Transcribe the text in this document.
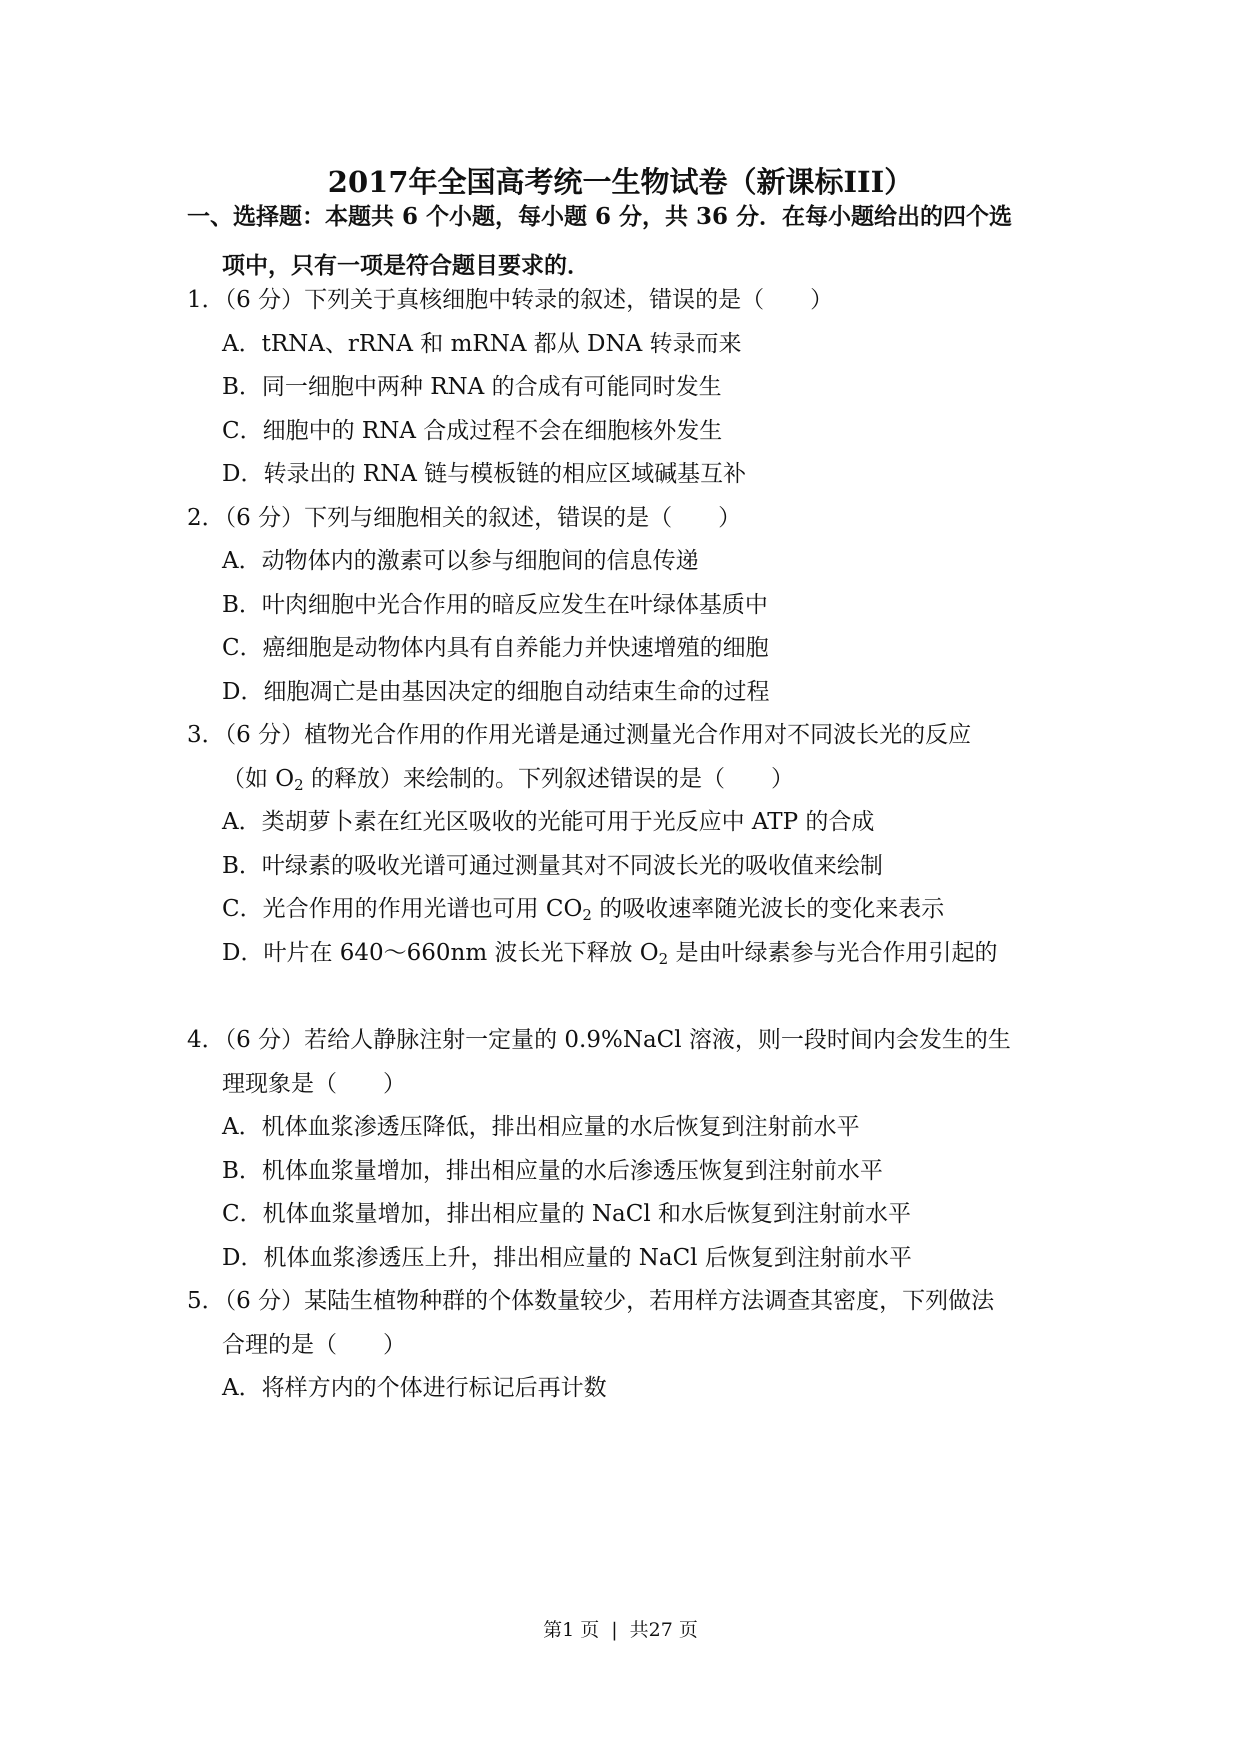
2017年全国高考统一生物试卷（新课标III）
一、选择题：本题共 6 个小题，每小题 6 分，共 36 分．在每小题给出的四个选
项中，只有一项是符合题目要求的．
1．（6 分）下列关于真核细胞中转录的叙述，错误的是（　　）
A．tRNA、rRNA 和 mRNA 都从 DNA 转录而来
B．同一细胞中两种 RNA 的合成有可能同时发生
C．细胞中的 RNA 合成过程不会在细胞核外发生
D．转录出的 RNA 链与模板链的相应区域碱基互补
2．（6 分）下列与细胞相关的叙述，错误的是（　　）
A．动物体内的激素可以参与细胞间的信息传递
B．叶肉细胞中光合作用的暗反应发生在叶绿体基质中
C．癌细胞是动物体内具有自养能力并快速增殖的细胞
D．细胞凋亡是由基因决定的细胞自动结束生命的过程
3．（6 分）植物光合作用的作用光谱是通过测量光合作用对不同波长光的反应
（如 $O_2$ 的释放）来绘制的。下列叙述错误的是（　　）
A．类胡萝卜素在红光区吸收的光能可用于光反应中 ATP 的合成
B．叶绿素的吸收光谱可通过测量其对不同波长光的吸收值来绘制
C．光合作用的作用光谱也可用 $CO_2$ 的吸收速率随光波长的变化来表示
D．叶片在 640～660nm 波长光下释放 $O_2$ 是由叶绿素参与光合作用引起的
4．（6 分）若给人静脉注射一定量的 0.9%NaCl 溶液，则一段时间内会发生的生
理现象是（　　）
A．机体血浆渗透压降低，排出相应量的水后恢复到注射前水平
B．机体血浆量增加，排出相应量的水后渗透压恢复到注射前水平
C．机体血浆量增加，排出相应量的 NaCl 和水后恢复到注射前水平
D．机体血浆渗透压上升，排出相应量的 NaCl 后恢复到注射前水平
5．（6 分）某陆生植物种群的个体数量较少，若用样方法调查其密度，下列做法
合理的是（　　）
A．将样方内的个体进行标记后再计数
第1 页 | 共27 页
